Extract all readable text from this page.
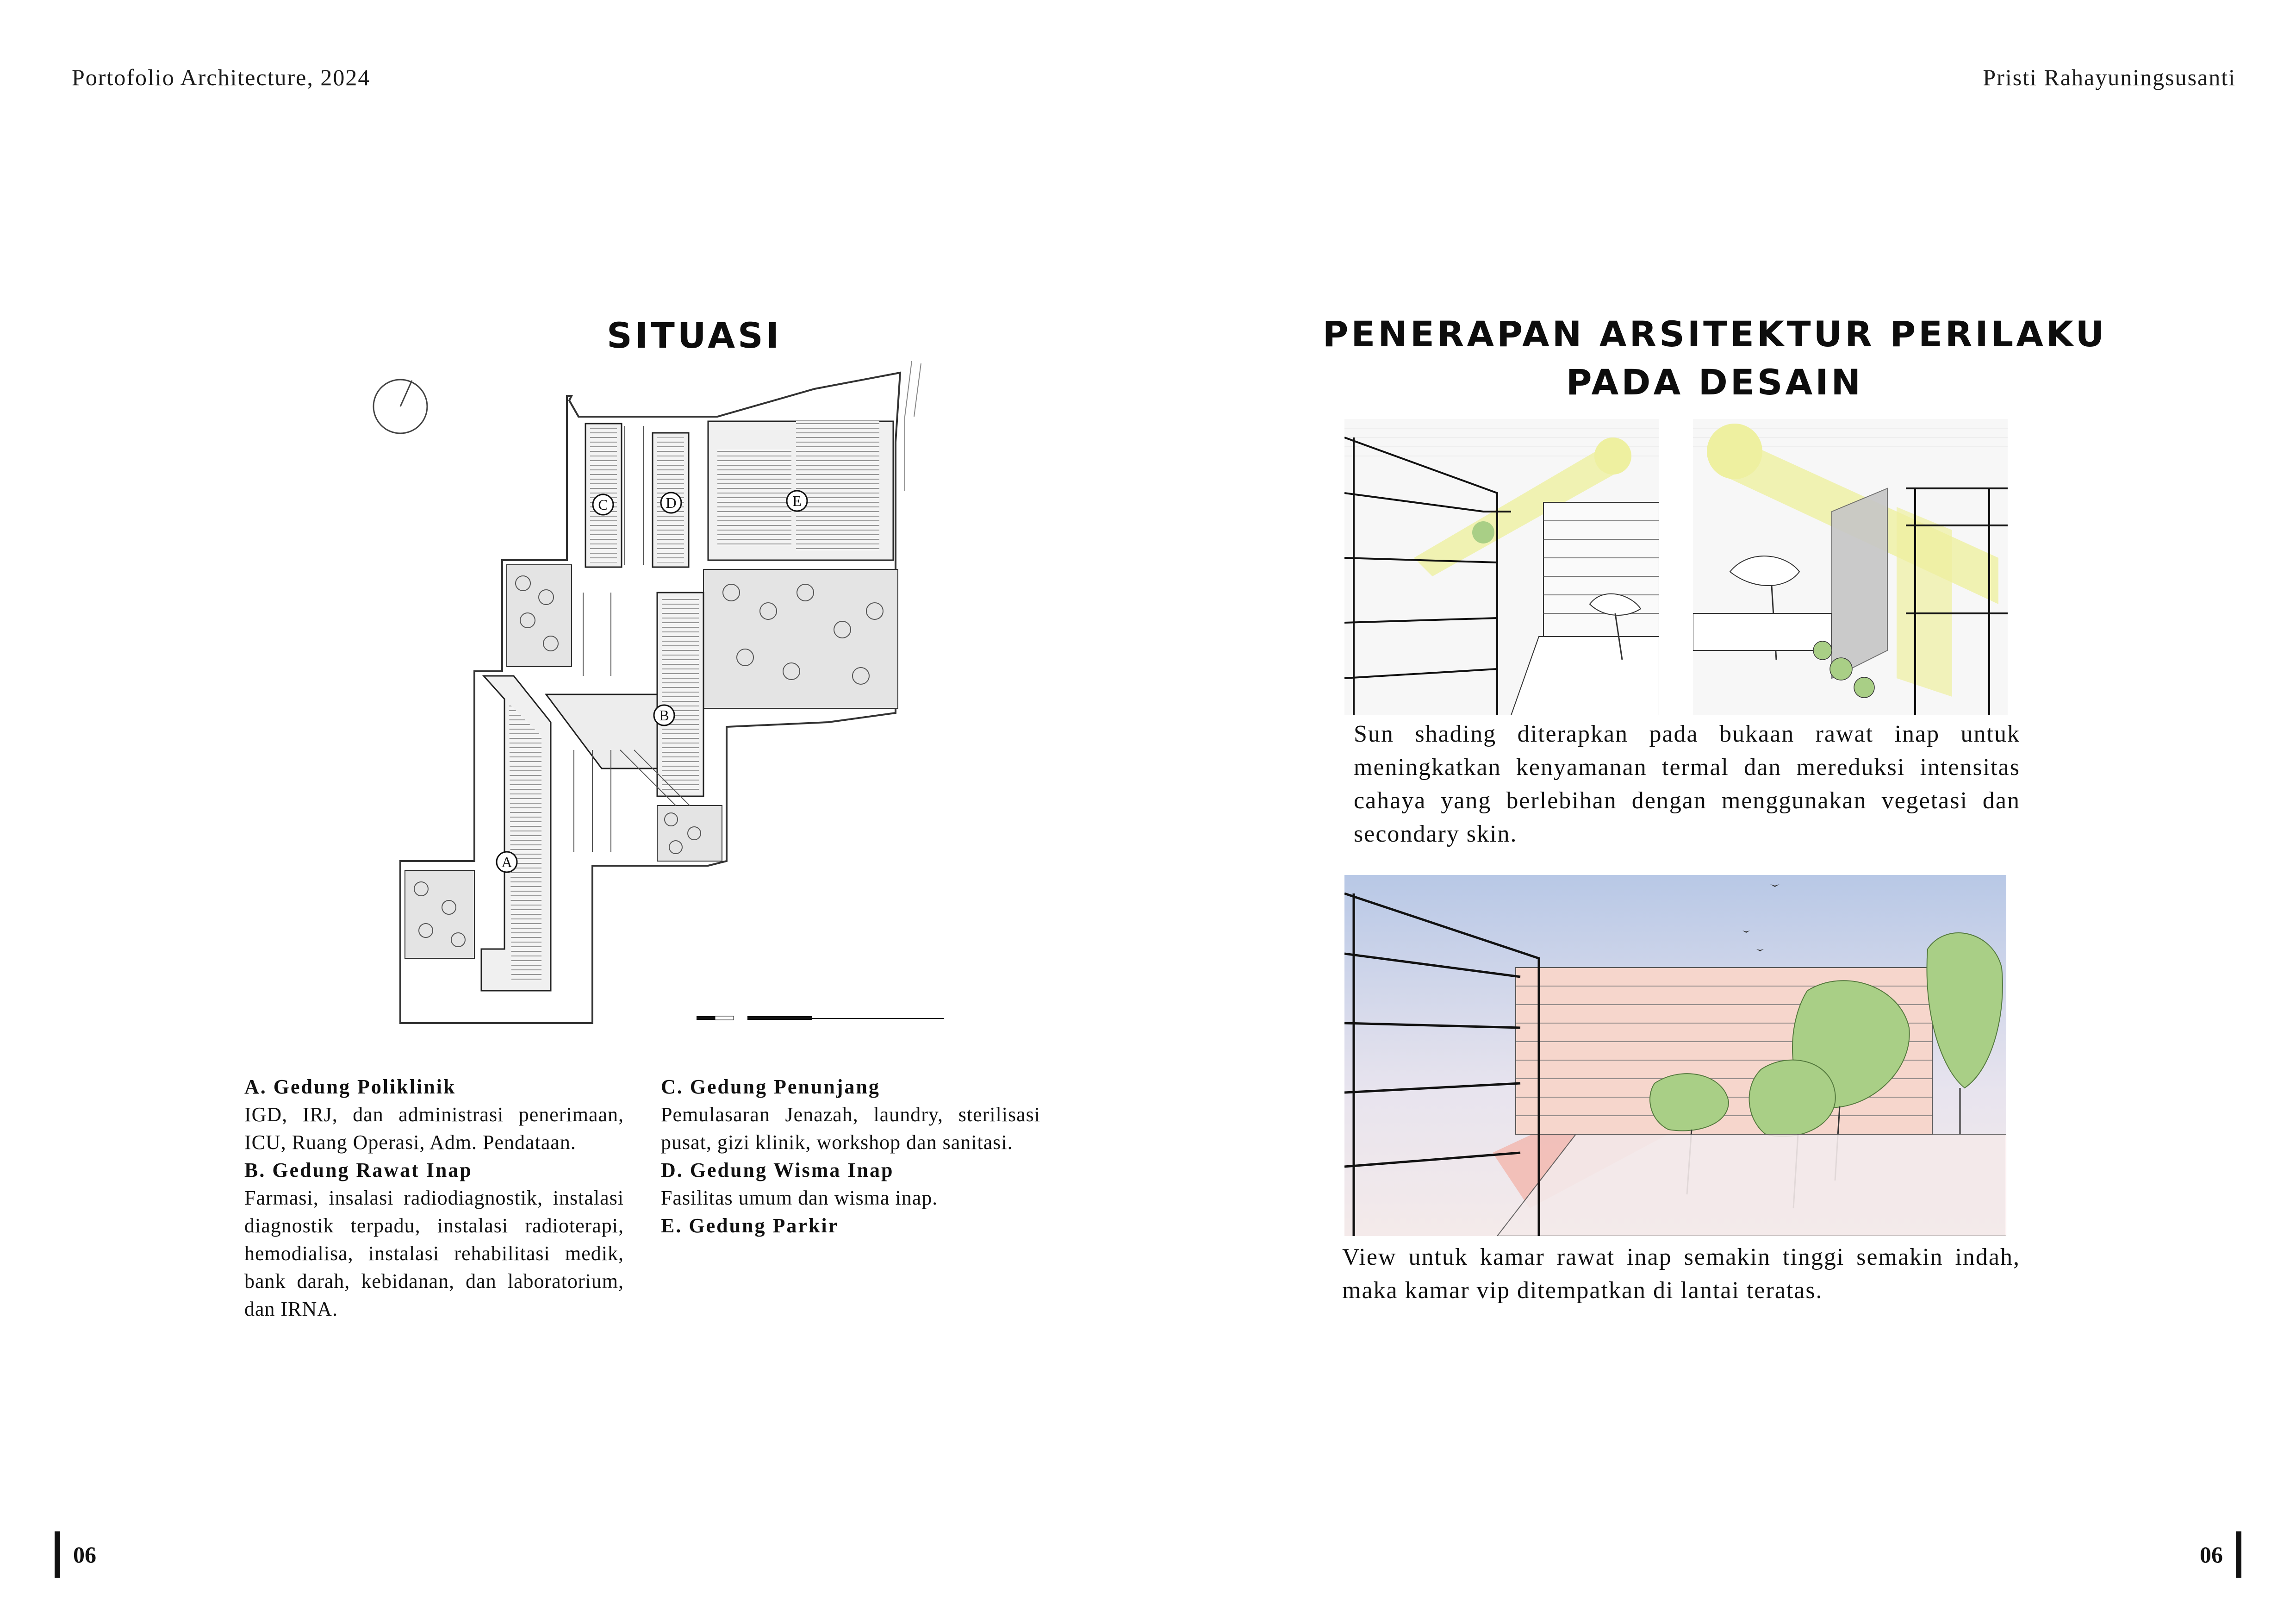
Portofolio Architecture, 2024	Pristi Rahayuningsusanti
SITUASI
C	D	E
B
A
A. Gedung Poliklinik
IGD, IRJ, dan administrasi penerimaan, ICU, Ruang Operasi, Adm. Pendataan.
B. Gedung Rawat Inap
Farmasi, insalasi radiodiagnostik, instalasi diagnostik terpadu, instalasi radioterapi, hemodialisa, instalasi rehabilitasi medik, bank darah, kebidanan, dan laboratorium, dan IRNA.
C. Gedung Penunjang
Pemulasaran Jenazah, laundry, sterilisasi pusat, gizi klinik, workshop dan sanitasi.
D. Gedung Wisma Inap
Fasilitas umum dan wisma inap.
E. Gedung Parkir
PENERAPAN ARSITEKTUR PERILAKU
PADA DESAIN
Sun shading diterapkan pada bukaan rawat inap untuk meningkatkan kenyamanan termal dan mereduksi intensitas cahaya yang berlebihan dengan menggunakan vegetasi dan secondary skin.
View untuk kamar rawat inap semakin tinggi semakin indah, maka kamar vip ditempatkan di lantai teratas.
06	06
